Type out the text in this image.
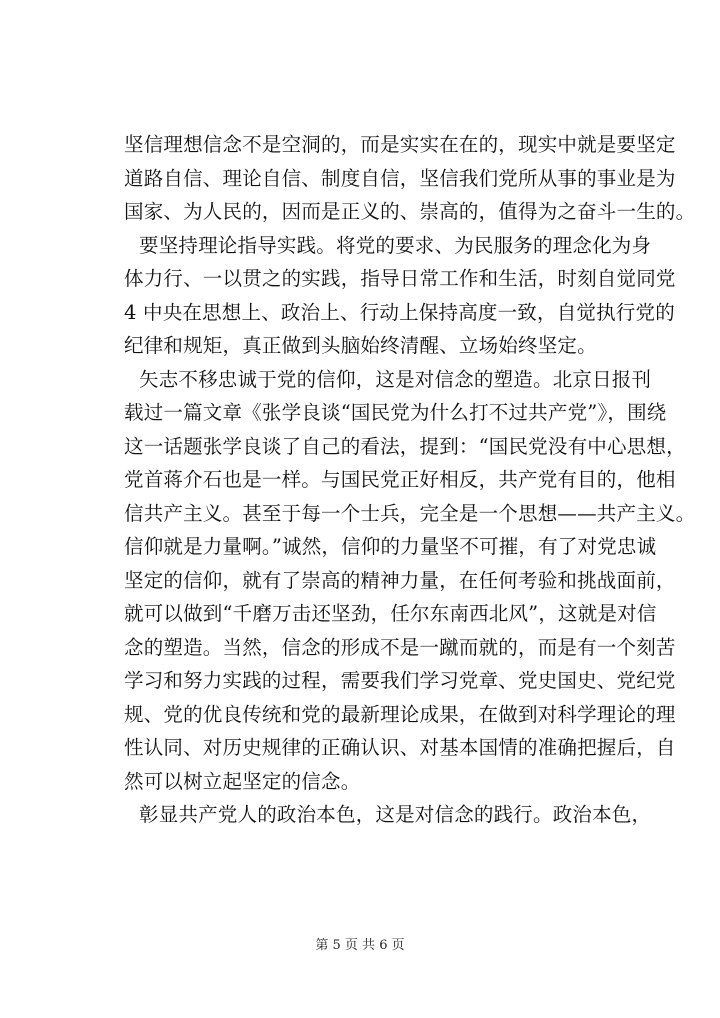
坚信理想信念不是空洞的，而是实实在在的，现实中就是要坚定
道路自信、理论自信、制度自信，坚信我们党所从事的事业是为
国家、为人民的，因而是正义的、崇高的，值得为之奋斗一生的。
要坚持理论指导实践。将党的要求、为民服务的理念化为身
体力行、一以贯之的实践，指导日常工作和生活，时刻自觉同党
4 中央在思想上、政治上、行动上保持高度一致，自觉执行党的
纪律和规矩，真正做到头脑始终清醒、立场始终坚定。
矢志不移忠诚于党的信仰，这是对信念的塑造。北京日报刊
载过一篇文章《张学良谈“国民党为什么打不过共产党”》，围绕
这一话题张学良谈了自己的看法，提到：“国民党没有中心思想，
党首蒋介石也是一样。与国民党正好相反，共产党有目的，他相
信共产主义。甚至于每一个士兵，完全是一个思想——共产主义。
信仰就是力量啊。”诚然，信仰的力量坚不可摧，有了对党忠诚
坚定的信仰，就有了崇高的精神力量，在任何考验和挑战面前，
就可以做到“千磨万击还坚劲，任尔东南西北风”，这就是对信
念的塑造。当然，信念的形成不是一蹴而就的，而是有一个刻苦
学习和努力实践的过程，需要我们学习党章、党史国史、党纪党
规、党的优良传统和党的最新理论成果，在做到对科学理论的理
性认同、对历史规律的正确认识、对基本国情的准确把握后，自
然可以树立起坚定的信念。
彰显共产党人的政治本色，这是对信念的践行。政治本色，
第 5 页 共 6 页
